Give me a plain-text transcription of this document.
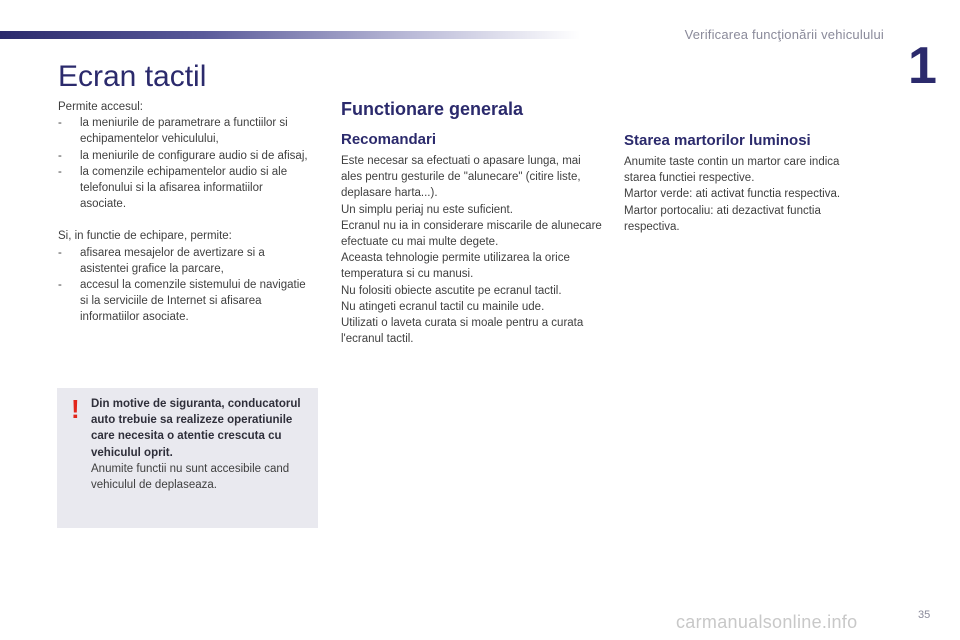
Verificarea funcţionării vehiculului
1
Ecran tactil

Permite accesul:

- la meniurile de parametrare a functiilor si echipamentelor vehiculului,
- la meniurile de configurare audio si de afisaj,
- la comenzile echipamentelor audio si ale telefonului si la afisarea informatiilor asociate.

Si, in functie de echipare, permite:

- afisarea mesajelor de avertizare si a asistentei grafice la parcare,
- accesul la comenzile sistemului de navigatie si la serviciile de Internet si afisarea informatiilor asociate.
! Din motive de siguranta, conducatorul auto trebuie sa realizeze operatiunile care necesita o atentie crescuta cu vehiculul oprit.
Anumite functii nu sunt accesibile cand vehiculul de deplaseaza.
Functionare generala
Recomandari

Este necesar sa efectuati o apasare lunga, mai ales pentru gesturile de "alunecare" (citire liste, deplasare harta...).

Un simplu periaj nu este suficient.

Ecranul nu ia in considerare miscarile de alunecare efectuate cu mai multe degete.

Aceasta tehnologie permite utilizarea la orice temperatura si cu manusi.

Nu folositi obiecte ascutite pe ecranul tactil.

Nu atingeti ecranul tactil cu mainile ude.

Utilizati o laveta curata si moale pentru a curata l'ecranul tactil.

Starea martorilor luminosi

Anumite taste contin un martor care indica starea functiei respective.

Martor verde: ati activat functia respectiva.

Martor portocaliu: ati dezactivat functia respectiva.

35
carmanualsonline.info
